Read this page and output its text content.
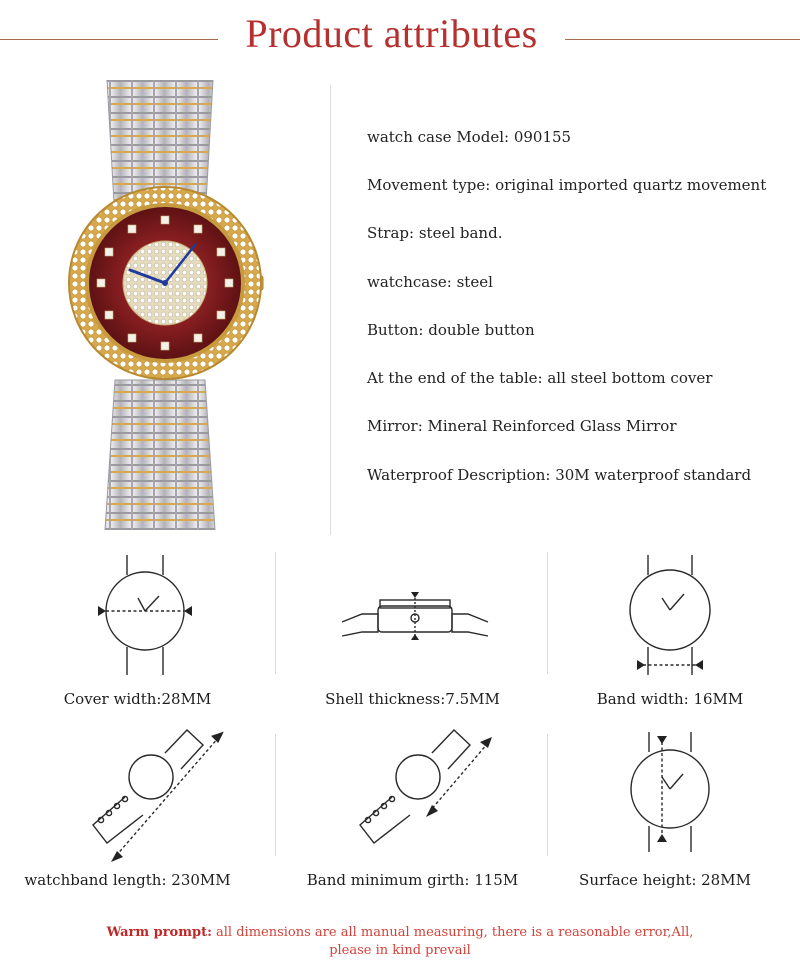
Product attributes
watch case Model: 090155
Movement type: original imported quartz movement
Strap: steel band.
watchcase: steel
Button: double button
At the end of the table: all steel bottom cover
Mirror: Mineral Reinforced Glass Mirror
Waterproof Description: 30M waterproof standard
Cover width:28MM	Shell thickness:7.5MM	Band width: 16MM
watchband length: 230MM	Band minimum girth: 115M	Surface height: 28MM
Warm prompt: all dimensions are all manual measuring, there is a reasonable error,All, please in kind prevail
